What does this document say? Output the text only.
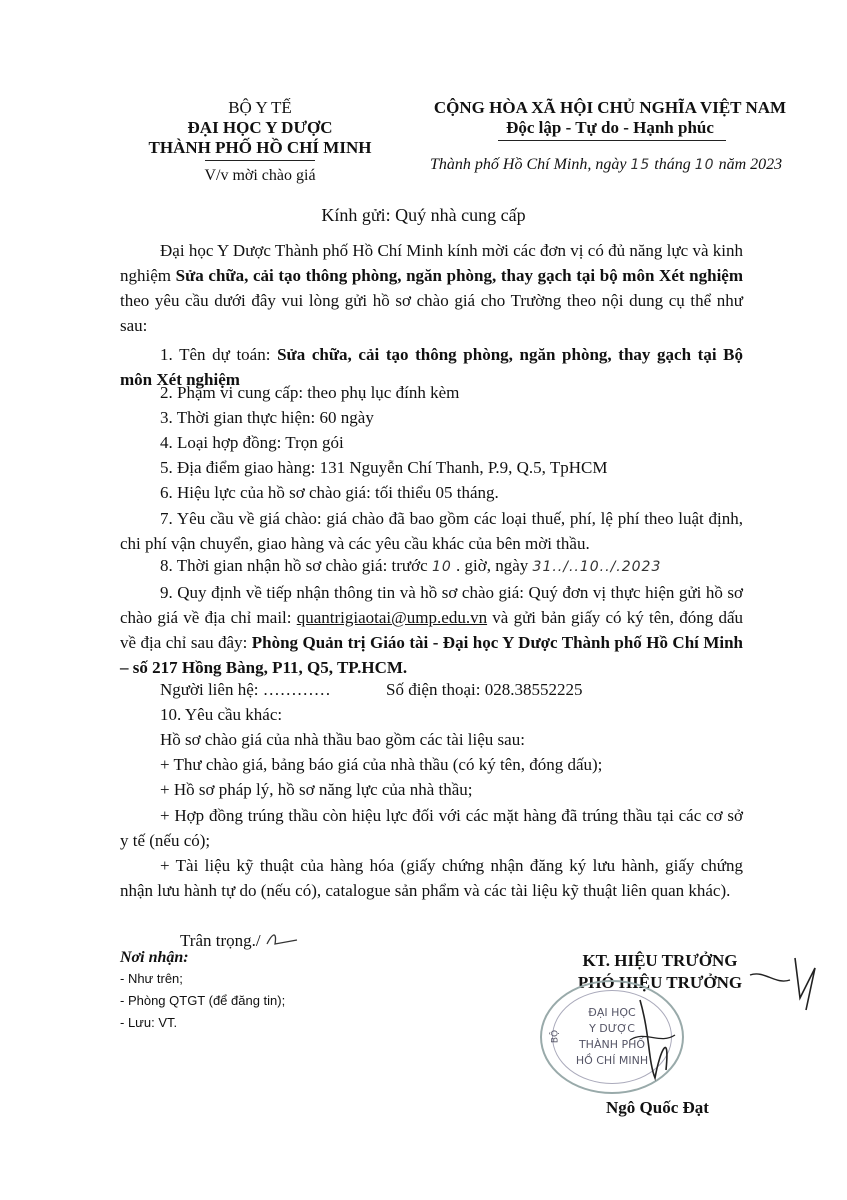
BỘ Y TẾ
ĐẠI HỌC Y DƯỢC
THÀNH PHỐ HỒ CHÍ MINH
V/v mời chào giá
CỘNG HÒA XÃ HỘI CHỦ NGHĨA VIỆT NAM
Độc lập - Tự do - Hạnh phúc
Thành phố Hồ Chí Minh, ngày 15 tháng 10 năm 2023
Kính gửi: Quý nhà cung cấp
Đại học Y Dược Thành phố Hồ Chí Minh kính mời các đơn vị có đủ năng lực và kinh nghiệm Sửa chữa, cải tạo thông phòng, ngăn phòng, thay gạch tại bộ môn Xét nghiệm theo yêu cầu dưới đây vui lòng gửi hồ sơ chào giá cho Trường theo nội dung cụ thể như sau:
1. Tên dự toán: Sửa chữa, cải tạo thông phòng, ngăn phòng, thay gạch tại Bộ môn Xét nghiệm
2. Phạm vi cung cấp: theo phụ lục đính kèm
3. Thời gian thực hiện: 60 ngày
4. Loại hợp đồng: Trọn gói
5. Địa điểm giao hàng: 131 Nguyễn Chí Thanh, P.9, Q.5, TpHCM
6. Hiệu lực của hồ sơ chào giá: tối thiểu 05 tháng.
7. Yêu cầu về giá chào: giá chào đã bao gồm các loại thuế, phí, lệ phí theo luật định, chi phí vận chuyển, giao hàng và các yêu cầu khác của bên mời thầu.
8. Thời gian nhận hồ sơ chào giá: trước 10 . giờ, ngày 31../..10../.2023
9. Quy định về tiếp nhận thông tin và hồ sơ chào giá: Quý đơn vị thực hiện gửi hồ sơ chào giá về địa chỉ mail: quantrigiaotai@ump.edu.vn và gửi bản giấy có ký tên, đóng dấu về địa chỉ sau đây: Phòng Quản trị Giáo tài - Đại học Y Dược Thành phố Hồ Chí Minh – số 217 Hồng Bàng, P11, Q5, TP.HCM.
Người liên hệ: …………	Số điện thoại: 028.38552225
10. Yêu cầu khác:
Hồ sơ chào giá của nhà thầu bao gồm các tài liệu sau:
+ Thư chào giá, bảng báo giá của nhà thầu (có ký tên, đóng dấu);
+ Hồ sơ pháp lý, hồ sơ năng lực của nhà thầu;
+ Hợp đồng trúng thầu còn hiệu lực đối với các mặt hàng đã trúng thầu tại các cơ sở y tế (nếu có);
+ Tài liệu kỹ thuật của hàng hóa (giấy chứng nhận đăng ký lưu hành, giấy chứng nhận lưu hành tự do (nếu có), catalogue sản phẩm và các tài liệu kỹ thuật liên quan khác).
Trân trọng./
Nơi nhận:
- Như trên;
- Phòng QTGT (để đăng tin);
- Lưu: VT.
KT. HIỆU TRƯỞNG
PHÓ HIỆU TRƯỞNG
ĐẠI HỌC
Y DƯỢC
THÀNH PHỐ
HỒ CHÍ MINH
BỘ
Ngô Quốc Đạt
